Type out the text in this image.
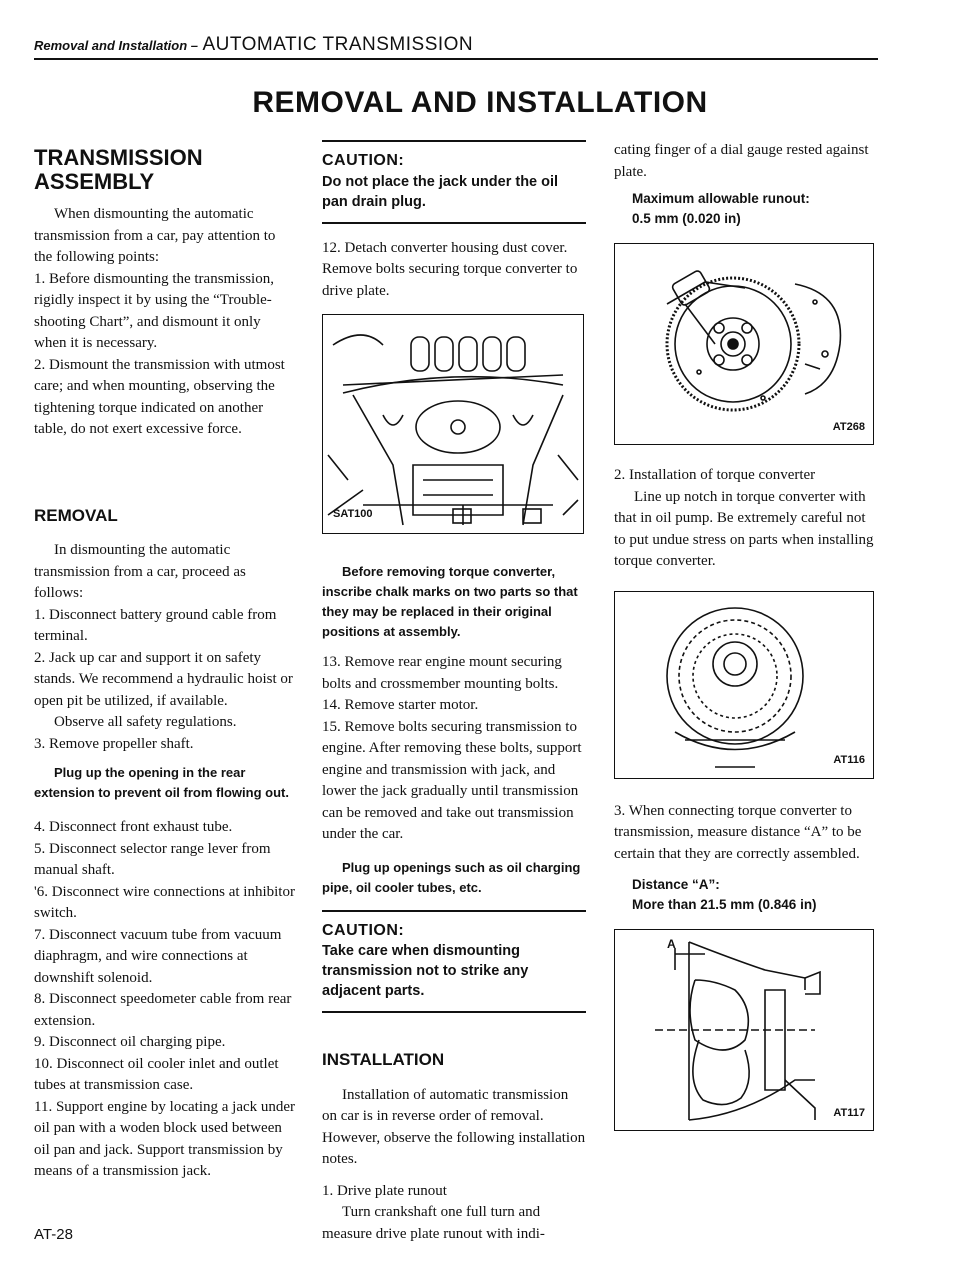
Removal and Installation – AUTOMATIC TRANSMISSION
REMOVAL AND INSTALLATION
TRANSMISSION ASSEMBLY

When dismounting the automatic transmission from a car, pay attention to the following points:

1. Before dismounting the transmission, rigidly inspect it by using the “Trouble-shooting Chart”, and dismount it only when it is necessary.

2. Dismount the transmission with utmost care; and when mounting, observing the tightening torque indicated on another table, do not exert excessive force.

REMOVAL

In dismounting the automatic transmission from a car, proceed as follows:

1. Disconnect battery ground cable from terminal.

2. Jack up car and support it on safety stands. We recommend a hydraulic hoist or open pit be utilized, if available.

Observe all safety regulations.

3. Remove propeller shaft.

Plug up the opening in the rear extension to prevent oil from flowing out.

4. Disconnect front exhaust tube.

5. Disconnect selector range lever from manual shaft.

'6. Disconnect wire connections at inhibitor switch.

7. Disconnect vacuum tube from vacuum diaphragm, and wire connections at downshift solenoid.

8. Disconnect speedometer cable from rear extension.

9. Disconnect oil charging pipe.

10. Disconnect oil cooler inlet and outlet tubes at transmission case.

11. Support engine by locating a jack under oil pan with a woden block used between oil pan and jack. Support transmission by means of a transmission jack.

CAUTION:
Do not place the jack under the oil pan drain plug.

12. Detach converter housing dust cover. Remove bolts securing torque converter to drive plate.

SAT100

Before removing torque converter, inscribe chalk marks on two parts so that they may be replaced in their original positions at assembly.

13. Remove rear engine mount securing bolts and crossmember mounting bolts.

14. Remove starter motor.

15. Remove bolts securing transmission to engine. After removing these bolts, support engine and transmission with jack, and lower the jack gradually until transmission can be removed and take out transmission under the car.

Plug up openings such as oil charging pipe, oil cooler tubes, etc.

CAUTION:
Take care when dismounting transmission not to strike any adjacent parts.
INSTALLATION

Installation of automatic transmission on car is in reverse order of removal. However, observe the following installation notes.

1. Drive plate runout

Turn crankshaft one full turn and measure drive plate runout with indi-

cating finger of a dial gauge rested against plate.

Maximum allowable runout:
0.5 mm (0.020 in)
AT268

2. Installation of torque converter

Line up notch in torque converter with that in oil pump. Be extremely careful not to put undue stress on parts when installing torque converter.

AT116

3. When connecting torque converter to transmission, measure distance “A” to be certain that they are correctly assembled.

Distance “A”:
More than 21.5 mm (0.846 in)
A
AT117
AT-28
